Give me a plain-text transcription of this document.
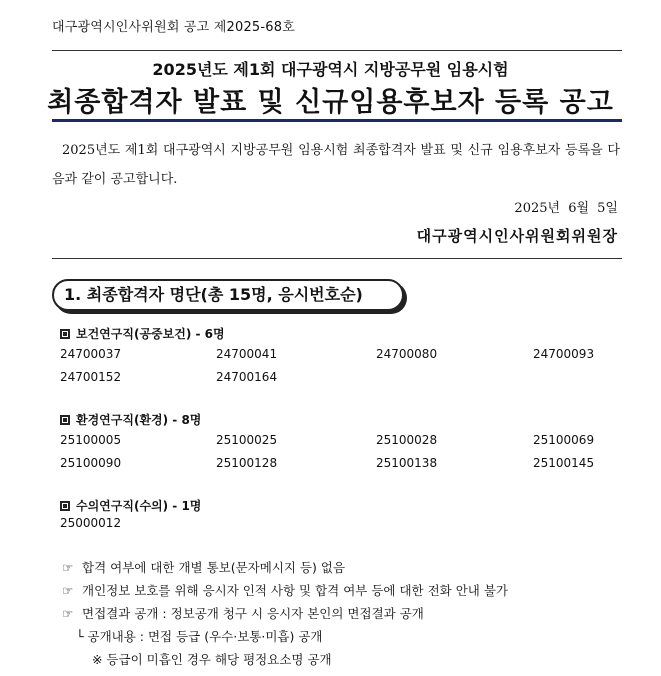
대구광역시인사위원회 공고 제2025-68호
2025년도 제1회 대구광역시 지방공무원 임용시험
최종합격자 발표 및 신규임용후보자 등록 공고
2025년도 제1회 대구광역시 지방공무원 임용시험 최종합격자 발표 및 신규 임용후보자 등록을 다음과 같이 공고합니다.
2025년 6월 5일
대구광역시인사위원회위원장
1. 최종합격자 명단(총 15명, 응시번호순)
보건연구직(공중보건) - 6명
24700037	24700041	24700080	24700093
24700152	24700164
환경연구직(환경) - 8명
25100005	25100025	25100028	25100069
25100090	25100128	25100138	25100145
수의연구직(수의) - 1명
25000012
☞ 합격 여부에 대한 개별 통보(문자메시지 등) 없음
☞ 개인정보 보호를 위해 응시자 인적 사항 및 합격 여부 등에 대한 전화 안내 불가
☞ 면접결과 공개 : 정보공개 청구 시 응시자 본인의 면접결과 공개
└ 공개내용 : 면접 등급 (우수·보통·미흡) 공개
※ 등급이 미흡인 경우 해당 평정요소명 공개
